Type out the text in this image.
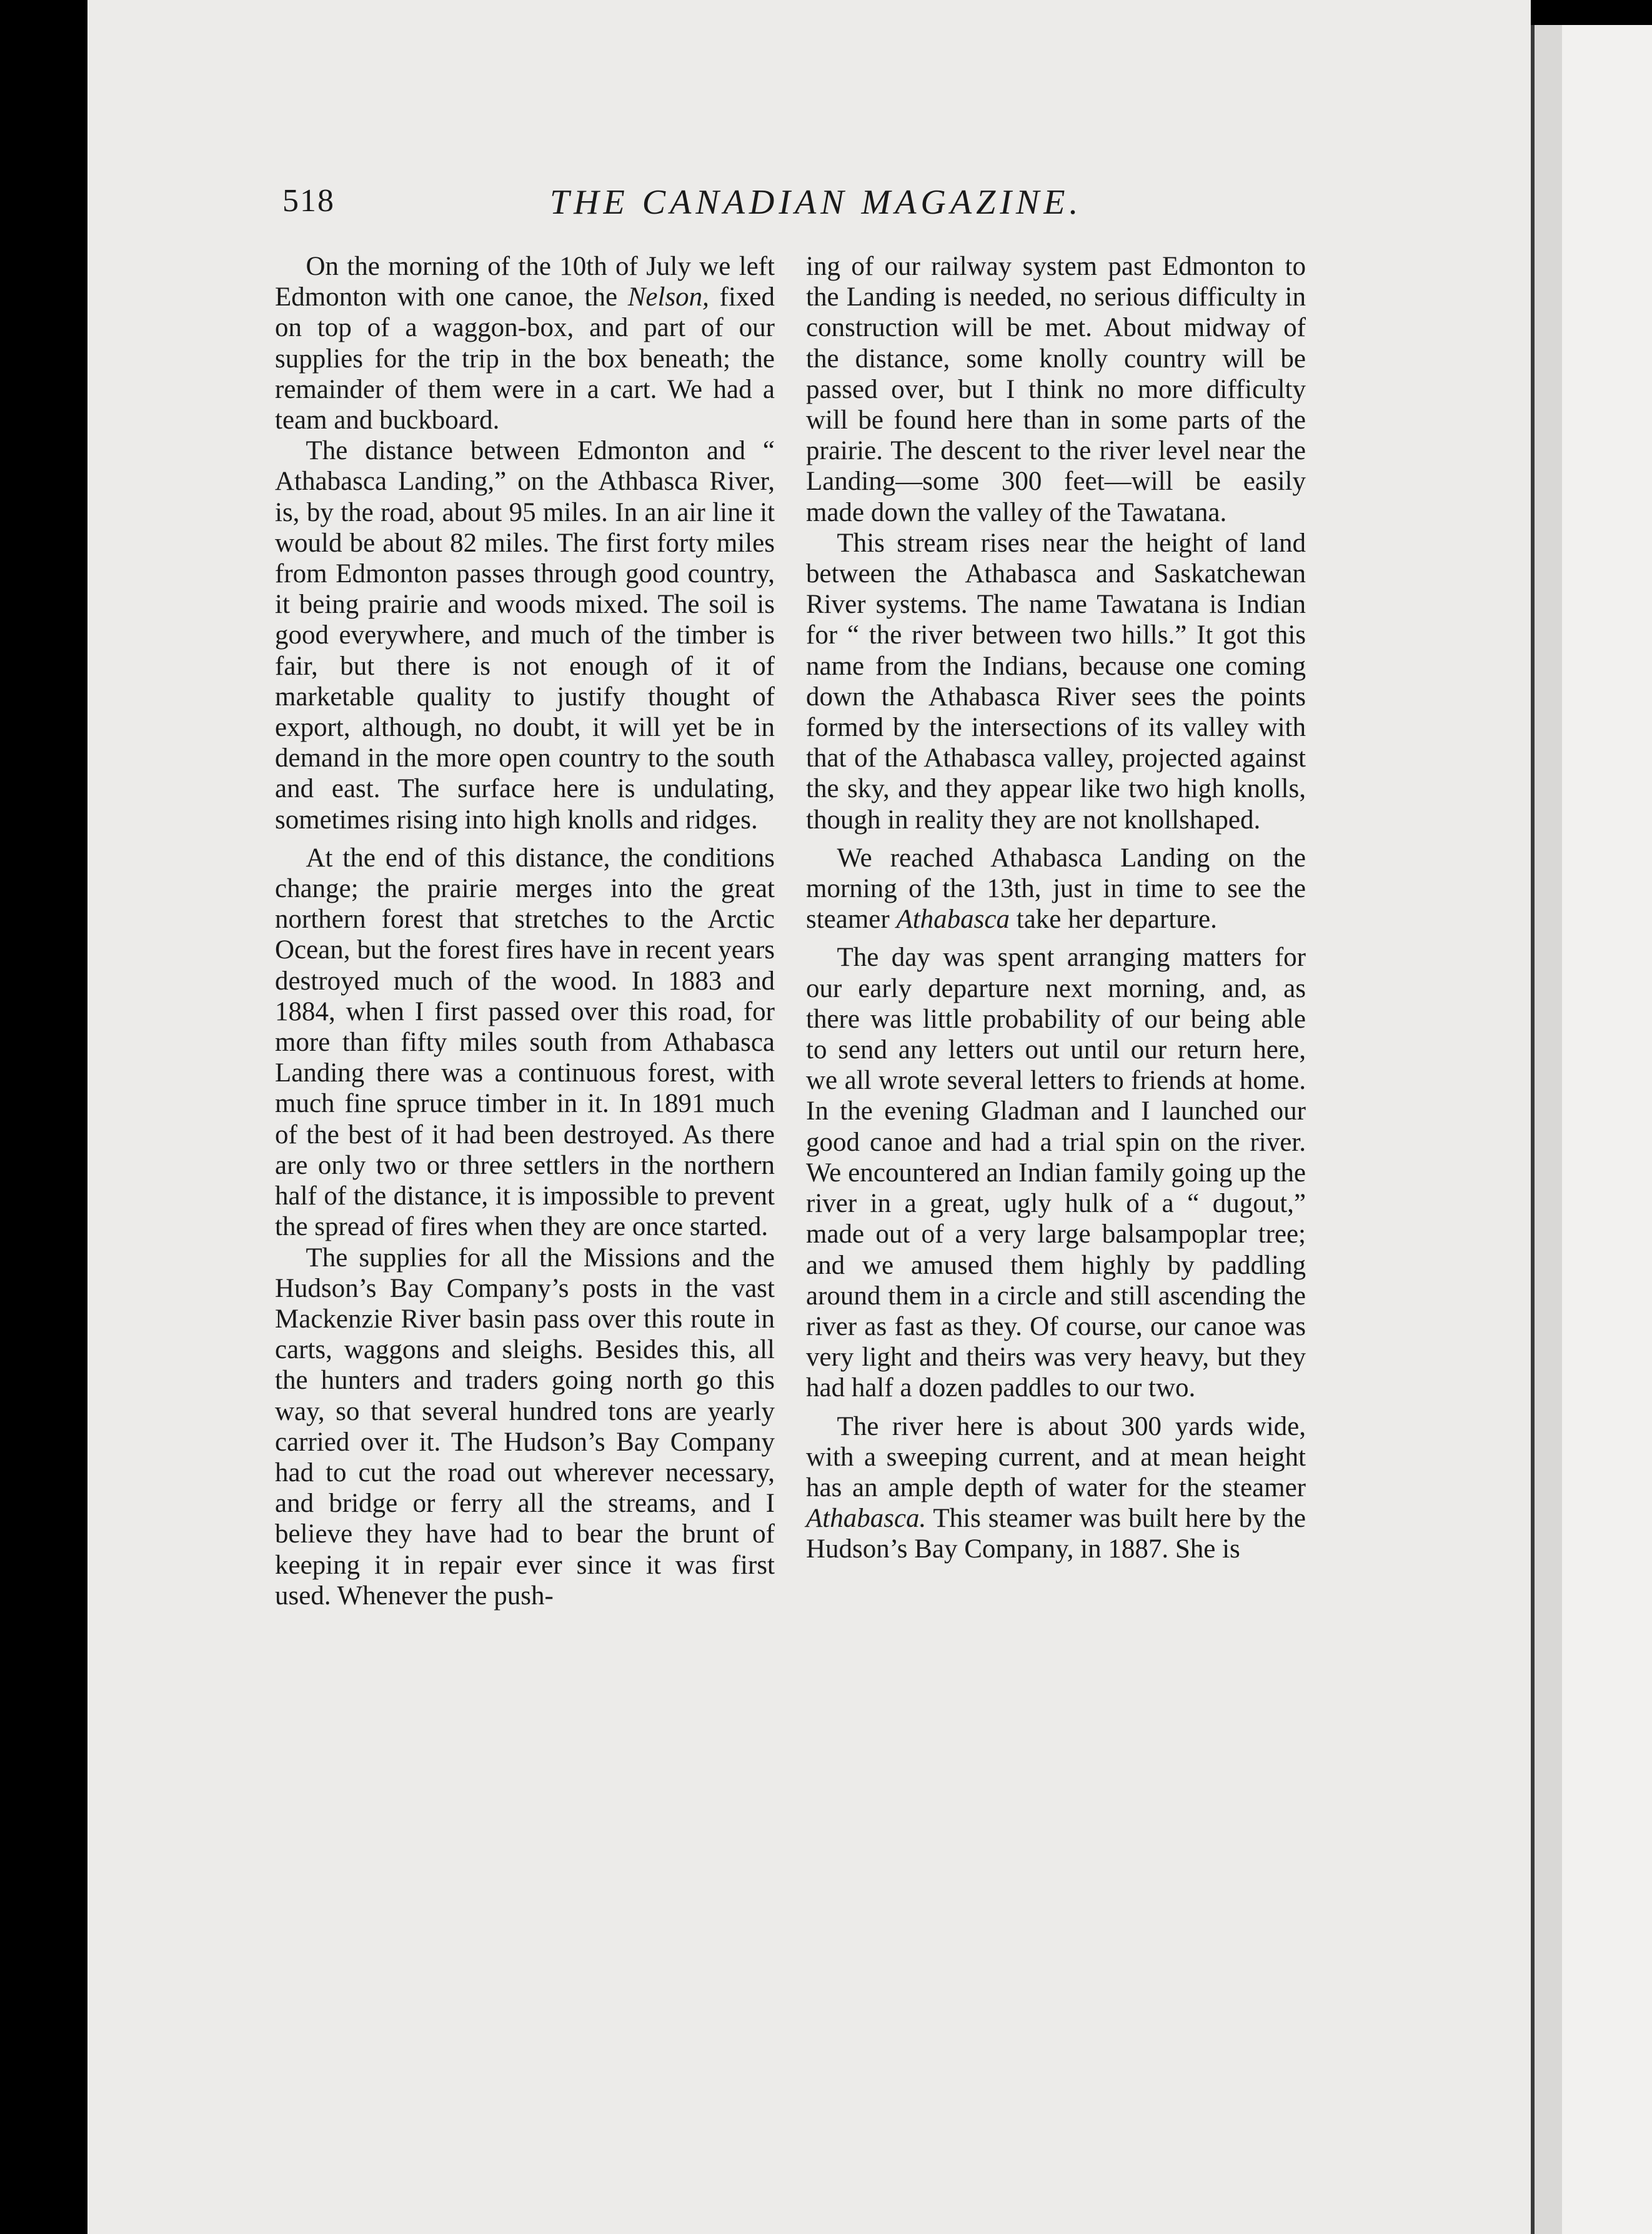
518	THE CANADIAN MAGAZINE.

On the morning of the 10th of July we left Edmonton with one canoe, the Nelson, fixed on top of a waggon-box, and part of our supplies for the trip in the box beneath; the remainder of them were in a cart. We had a team and buckboard.

The distance between Edmonton and “ Athabasca Landing,” on the Athbasca River, is, by the road, about 95 miles. In an air line it would be about 82 miles. The first forty miles from Edmonton passes through good country, it being prairie and woods mixed. The soil is good everywhere, and much of the timber is fair, but there is not enough of it of marketable quality to justify thought of export, although, no doubt, it will yet be in demand in the more open country to the south and east. The surface here is undulating, sometimes rising into high knolls and ridges.

At the end of this distance, the conditions change; the prairie merges into the great northern forest that stretches to the Arctic Ocean, but the forest fires have in recent years destroyed much of the wood. In 1883 and 1884, when I first passed over this road, for more than fifty miles south from Athabasca Landing there was a continuous forest, with much fine spruce timber in it. In 1891 much of the best of it had been destroyed. As there are only two or three settlers in the northern half of the distance, it is impossible to prevent the spread of fires when they are once started.

The supplies for all the Missions and the Hudson’s Bay Company’s posts in the vast Mackenzie River basin pass over this route in carts, waggons and sleighs. Besides this, all the hunters and traders going north go this way, so that several hundred tons are yearly carried over it. The Hudson’s Bay Company had to cut the road out wherever necessary, and bridge or ferry all the streams, and I believe they have had to bear the brunt of keeping it in repair ever since it was first used. Whenever the push-

ing of our railway system past Edmonton to the Landing is needed, no serious difficulty in construction will be met. About midway of the distance, some knolly country will be passed over, but I think no more difficulty will be found here than in some parts of the prairie. The descent to the river level near the Landing—some 300 feet—will be easily made down the valley of the Tawatana.

This stream rises near the height of land between the Athabasca and Saskatchewan River systems. The name Tawatana is Indian for “ the river between two hills.” It got this name from the Indians, because one coming down the Athabasca River sees the points formed by the intersections of its valley with that of the Athabasca valley, projected against the sky, and they appear like two high knolls, though in reality they are not knollshaped.

We reached Athabasca Landing on the morning of the 13th, just in time to see the steamer Athabasca take her departure.

The day was spent arranging matters for our early departure next morning, and, as there was little probability of our being able to send any letters out until our return here, we all wrote several letters to friends at home. In the evening Gladman and I launched our good canoe and had a trial spin on the river. We encountered an Indian family going up the river in a great, ugly hulk of a “ dugout,” made out of a very large balsampoplar tree; and we amused them highly by paddling around them in a circle and still ascending the river as fast as they. Of course, our canoe was very light and theirs was very heavy, but they had half a dozen paddles to our two.

The river here is about 300 yards wide, with a sweeping current, and at mean height has an ample depth of water for the steamer Athabasca. This steamer was built here by the Hudson’s Bay Company, in 1887. She is
